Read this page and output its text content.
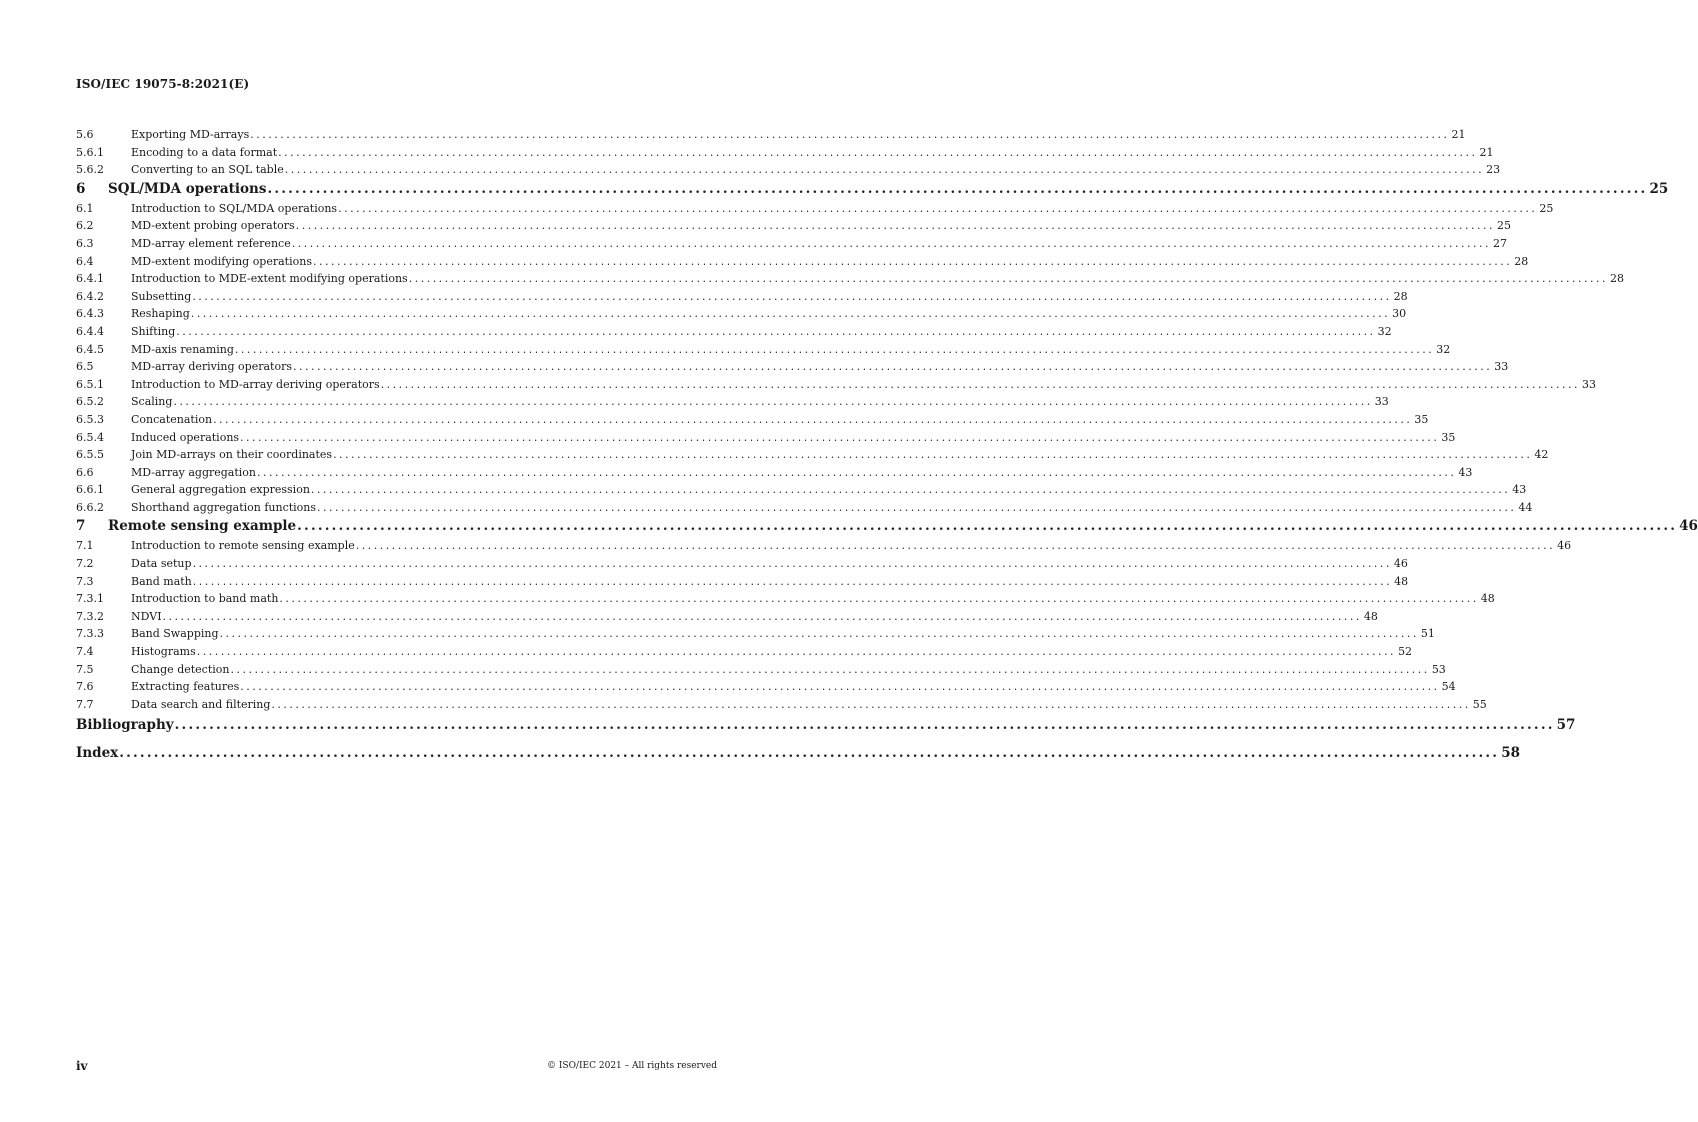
ISO/IEC 19075-8:2021(E)
5.6	Exporting MD-arrays ........................................................................................................................................................................................................ 21
5.6.1	Encoding to a data format ........................................................................................................................................................................................................ 21
5.6.2	Converting to an SQL table ........................................................................................................................................................................................................ 23
6	SQL/MDA operations ........................................................................................................................................................................................................ 25
6.1	Introduction to SQL/MDA operations ........................................................................................................................................................................................................ 25
6.2	MD-extent probing operators ........................................................................................................................................................................................................ 25
6.3	MD-array element reference ........................................................................................................................................................................................................ 27
6.4	MD-extent modifying operations ........................................................................................................................................................................................................ 28
6.4.1	Introduction to MDE-extent modifying operations ........................................................................................................................................................................................................ 28
6.4.2	Subsetting ........................................................................................................................................................................................................ 28
6.4.3	Reshaping ........................................................................................................................................................................................................ 30
6.4.4	Shifting ........................................................................................................................................................................................................ 32
6.4.5	MD-axis renaming ........................................................................................................................................................................................................ 32
6.5	MD-array deriving operators ........................................................................................................................................................................................................ 33
6.5.1	Introduction to MD-array deriving operators ........................................................................................................................................................................................................ 33
6.5.2	Scaling ........................................................................................................................................................................................................ 33
6.5.3	Concatenation ........................................................................................................................................................................................................ 35
6.5.4	Induced operations ........................................................................................................................................................................................................ 35
6.5.5	Join MD-arrays on their coordinates ........................................................................................................................................................................................................ 42
6.6	MD-array aggregation ........................................................................................................................................................................................................ 43
6.6.1	General aggregation expression ........................................................................................................................................................................................................ 43
6.6.2	Shorthand aggregation functions ........................................................................................................................................................................................................ 44
7	Remote sensing example ........................................................................................................................................................................................................ 46
7.1	Introduction to remote sensing example ........................................................................................................................................................................................................ 46
7.2	Data setup ........................................................................................................................................................................................................ 46
7.3	Band math ........................................................................................................................................................................................................ 48
7.3.1	Introduction to band math ........................................................................................................................................................................................................ 48
7.3.2	NDVI ........................................................................................................................................................................................................ 48
7.3.3	Band Swapping ........................................................................................................................................................................................................ 51
7.4	Histograms ........................................................................................................................................................................................................ 52
7.5	Change detection ........................................................................................................................................................................................................ 53
7.6	Extracting features ........................................................................................................................................................................................................ 54
7.7	Data search and filtering ........................................................................................................................................................................................................ 55
Bibliography ........................................................................................................................................................................................................ 57
Index ........................................................................................................................................................................................................ 58
iv	© ISO/IEC 2021 – All rights reserved
